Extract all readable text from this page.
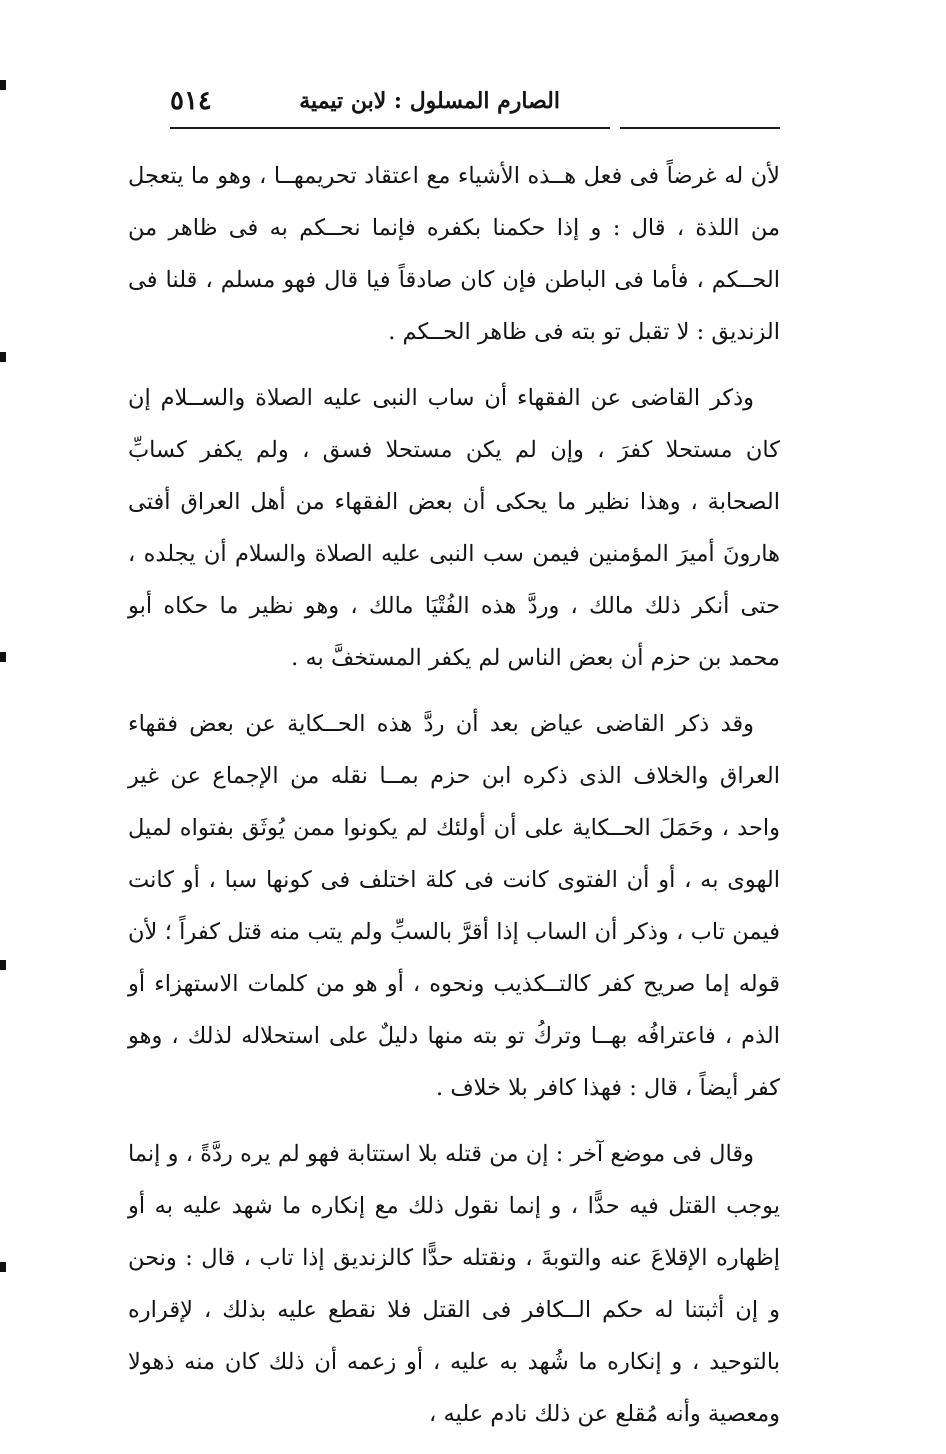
٥١٤	الصارم المسلول : لابن تيمية

لأن له غرضاً فى فعل هــذه الأشياء مع اعتقاد تحريمهــا ، وهو ما يتعجل من اللذة ، قال : و إذا حكمنا بكفره فإنما نحــكم به فى ظاهر من الحــكم ، فأما فى الباطن فإن كان صادقاً فيا قال فهو مسلم ، قلنا فى الزنديق : لا تقبل تو بته فى ظاهر الحــكم .

وذكر القاضى عن الفقهاء أن ساب النبى عليه الصلاة والســلام إن كان مستحلا كفرَ ، وإن لم يكن مستحلا فسق ، ولم يكفر كسابِّ الصحابة ، وهذا نظير ما يحكى أن بعض الفقهاء من أهل العراق أفتى هارونَ أميرَ المؤمنين فيمن سب النبى عليه الصلاة والسلام أن يجلده ، حتى أنكر ذلك مالك ، وردَّ هذه الفُتْيَا مالك ، وهو نظير ما حكاه أبو محمد بن حزم أن بعض الناس لم يكفر المستخفَّ به .

وقد ذكر القاضى عياض بعد أن ردَّ هذه الحــكاية عن بعض فقهاء العراق والخلاف الذى ذكره ابن حزم بمــا نقله من الإجماع عن غير واحد ، وحَمَلَ الحــكاية على أن أولئك لم يكونوا ممن يُوثَق بفتواه لميل الهوى به ، أو أن الفتوى كانت فى كلة اختلف فى كونها سبا ، أو كانت فيمن تاب ، وذكر أن الساب إذا أقرَّ بالسبِّ ولم يتب منه قتل كفراً ؛ لأن قوله إما صريح كفر كالتــكذيب ونحوه ، أو هو من كلمات الاستهزاء أو الذم ، فاعترافُه بهــا وتركُ تو بته منها دليلٌ على استحلاله لذلك ، وهو كفر أيضاً ، قال : فهذا كافر بلا خلاف .

وقال فى موضع آخر : إن من قتله بلا استتابة فهو لم يره ردَّةً ، و إنما يوجب القتل فيه حدًّا ، و إنما نقول ذلك مع إنكاره ما شهد عليه به أو إظهاره الإقلاعَ عنه والتوبةَ ، ونقتله حدًّا كالزنديق إذا تاب ، قال : ونحن و إن أثبتنا له حكم الــكافر فى القتل فلا نقطع عليه بذلك ، لإقراره بالتوحيد ، و إنكاره ما شُهد به عليه ، أو زعمه أن ذلك كان منه ذهولا ومعصية وأنه مُقلع عن ذلك نادم عليه ،
